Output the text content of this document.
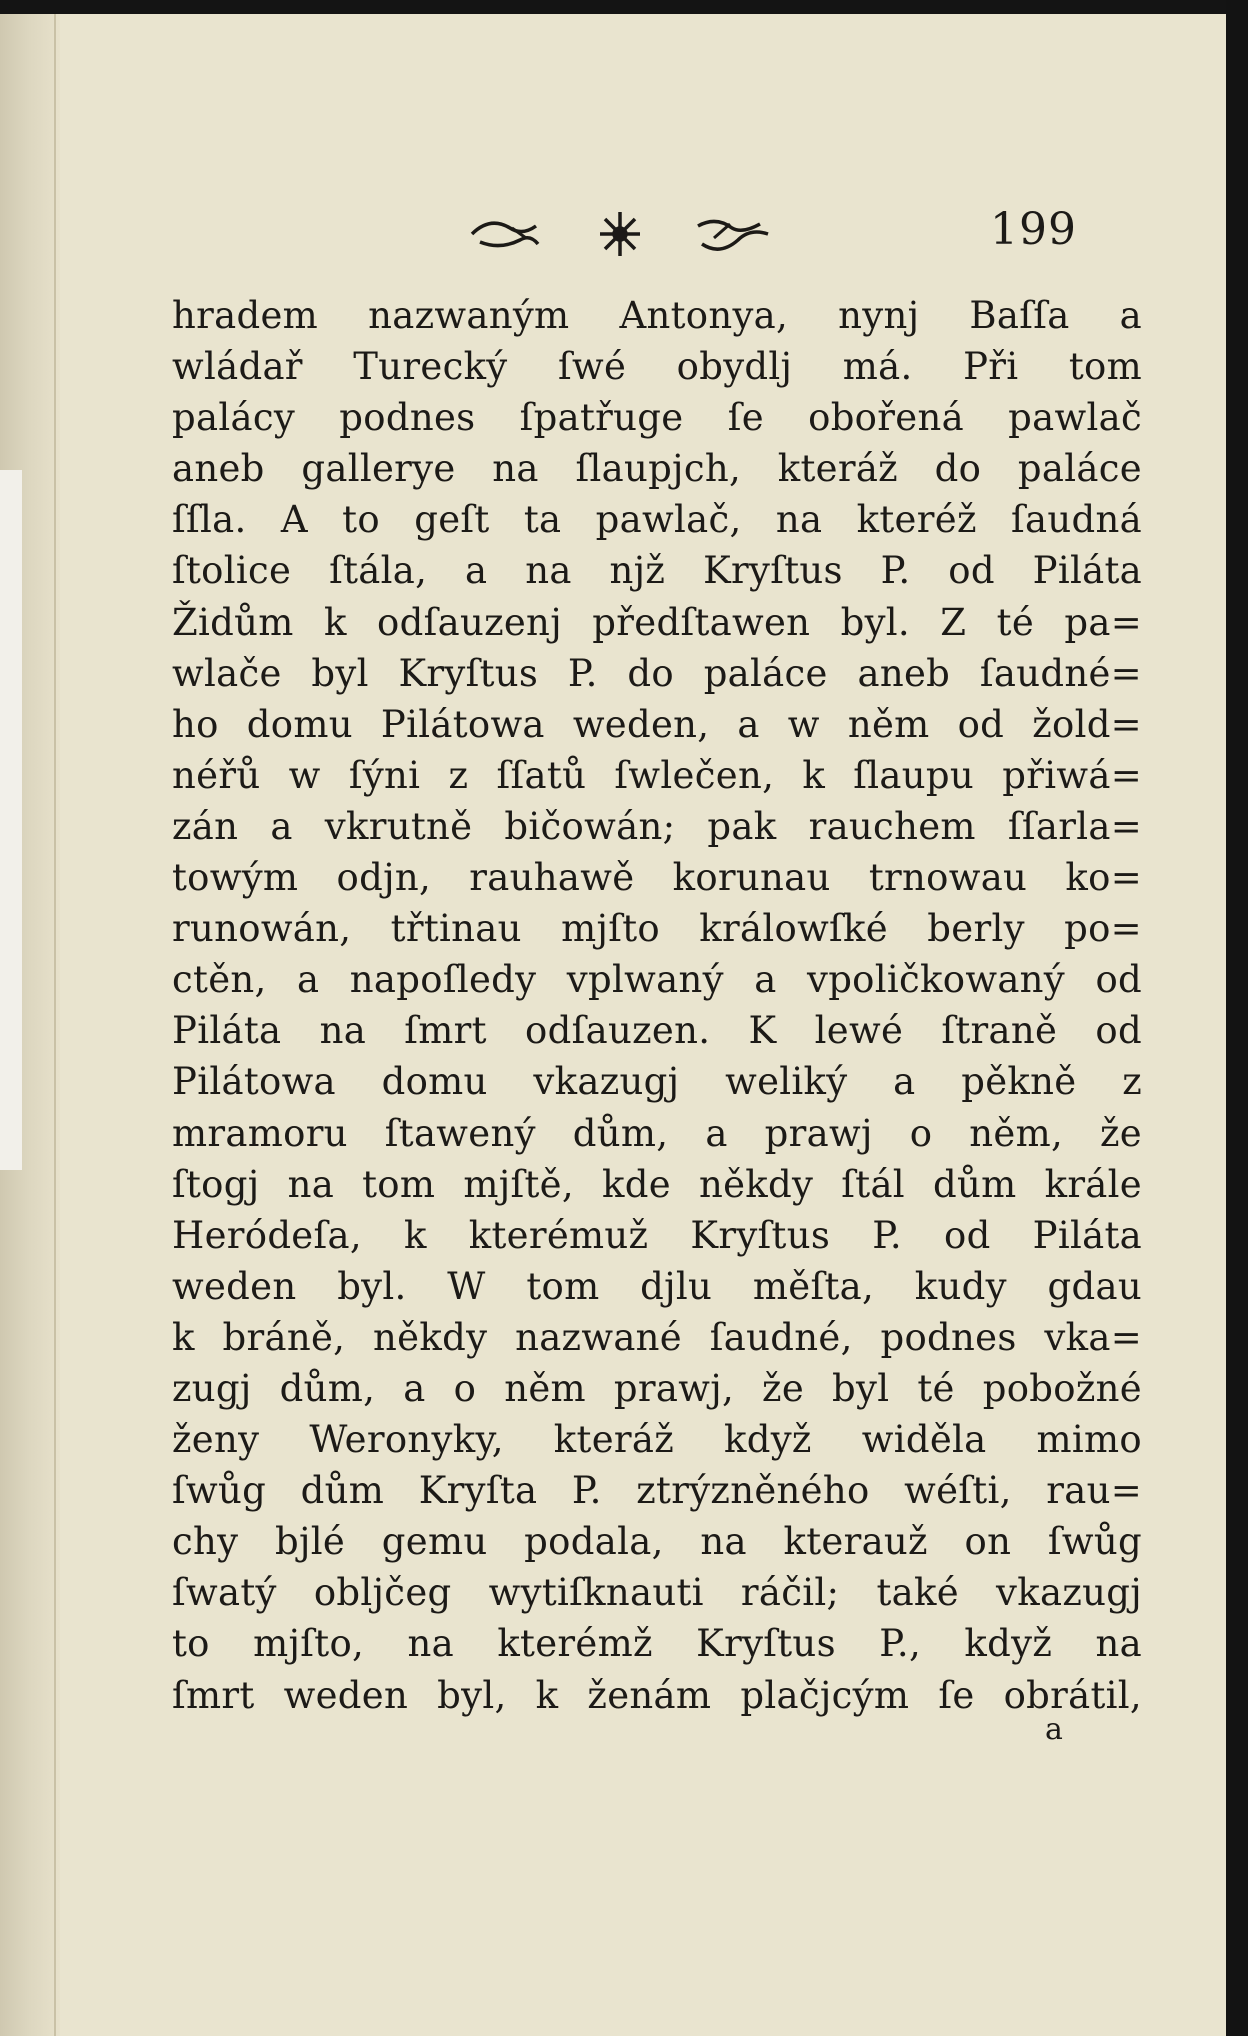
199
hradem nazwaným Antonya, nynj Baſſa a
wládař Turecký ſwé obydlj má. Při tom
palácy podnes ſpatřuge ſe obořená pawlač
aneb gallerye na ſlaupjch, kteráž do paláce
ſſla. A to geſt ta pawlač, na kteréž ſaudná
ſtolice ſtála, a na njž Kryſtus P. od Piláta
Židům k odſauzenj předſtawen byl. Z té pa=
wlače byl Kryſtus P. do paláce aneb ſaudné=
ho domu Pilátowa weden, a w něm od žold=
néřů w ſýni z ſſatů ſwlečen, k ſlaupu přiwá=
zán a vkrutně bičowán; pak rauchem ſſarla=
towým odjn, rauhawě korunau trnowau ko=
runowán, třtinau mjſto králowſké berly po=
ctěn, a napoſledy vplwaný a vpoličkowaný od
Piláta na ſmrt odſauzen. K lewé ſtraně od
Pilátowa domu vkazugj weliký a pěkně z
mramoru ſtawený dům, a prawj o něm, že
ſtogj na tom mjſtě, kde někdy ſtál dům krále
Heródeſa, k kterémuž Kryſtus P. od Piláta
weden byl. W tom djlu měſta, kudy gdau
k bráně, někdy nazwané ſaudné, podnes vka=
zugj dům, a o něm prawj, že byl té pobožné
ženy Weronyky, kteráž když widěla mimo
ſwůg dům Kryſta P. ztrýzněného wéſti, rau=
chy bjlé gemu podala, na kterauž on ſwůg
ſwatý obljčeg wytiſknauti ráčil; také vkazugj
to mjſto, na kterémž Kryſtus P., když na
ſmrt weden byl, k ženám plačjcým ſe obrátil,
a
